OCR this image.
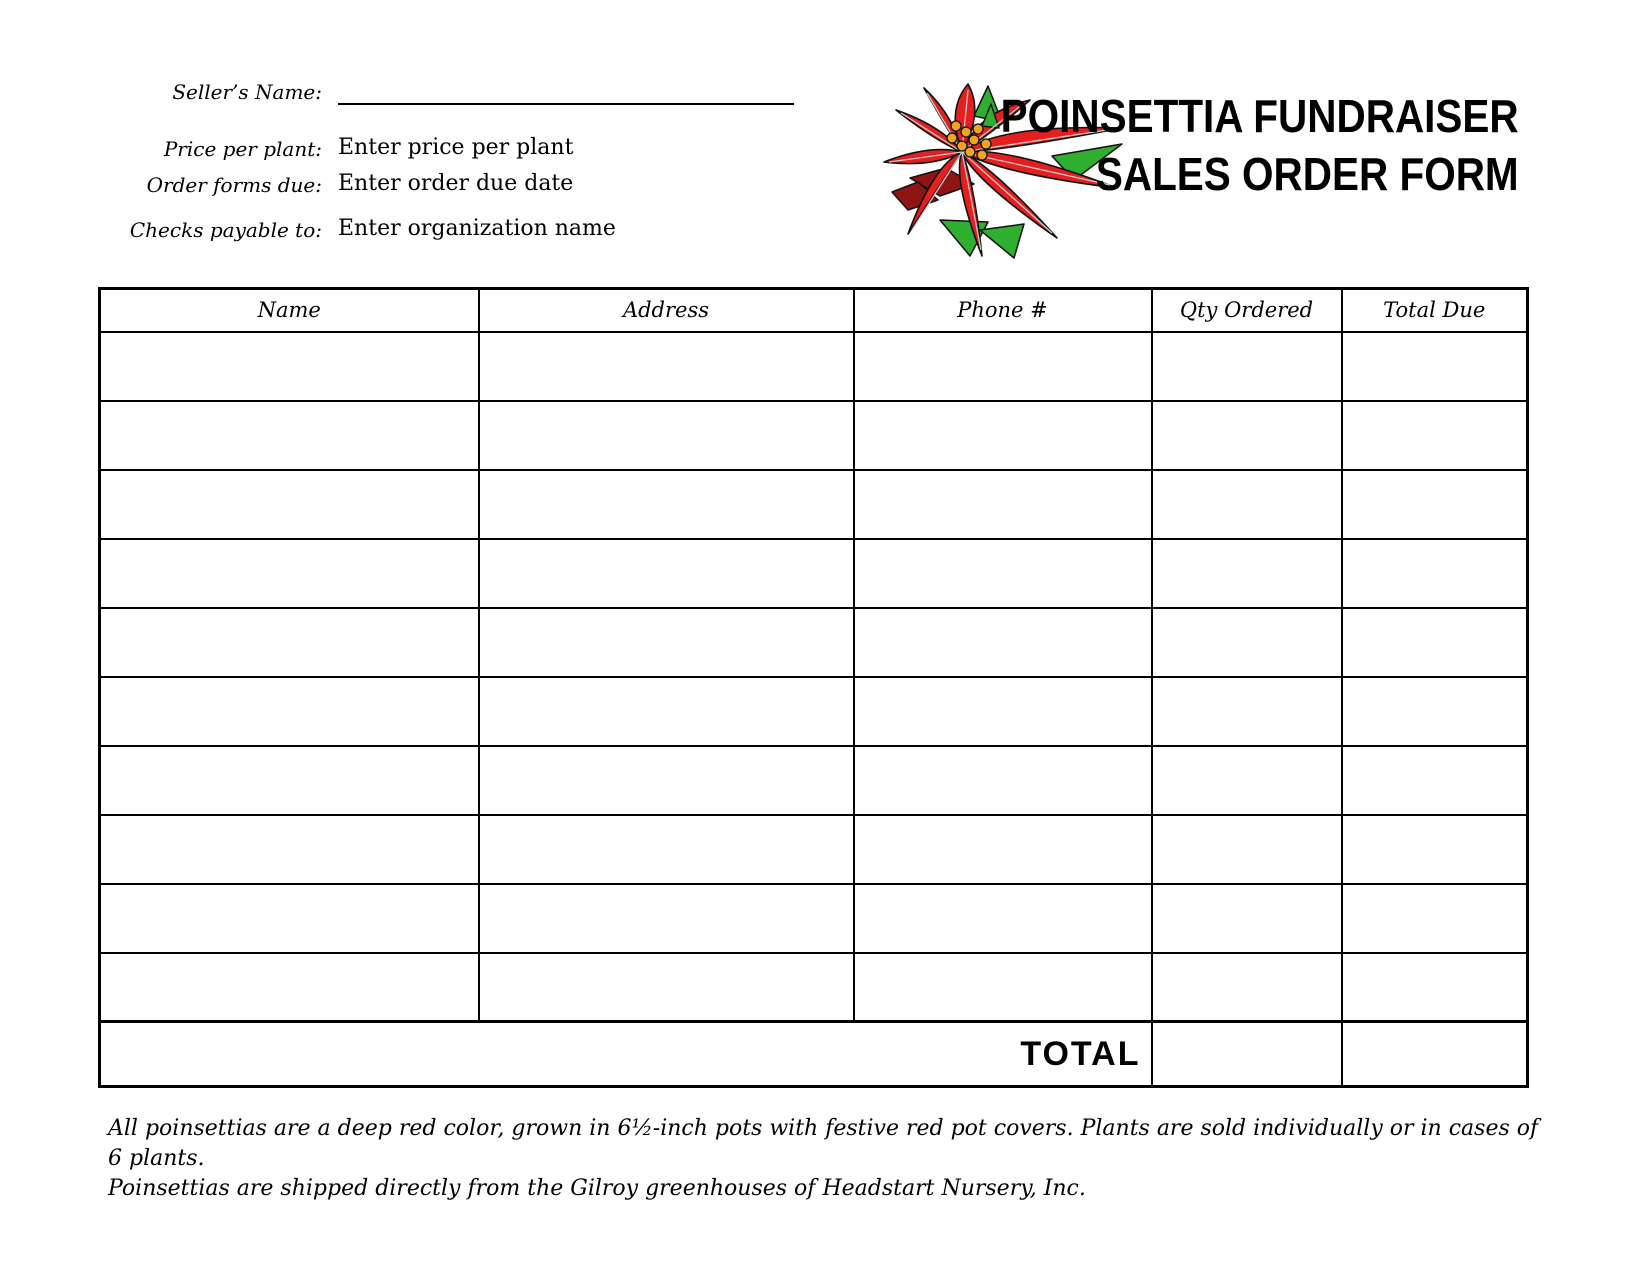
Seller’s Name:
Price per plant: Enter price per plant
Order forms due: Enter order due date
Checks payable to: Enter organization name
POINSETTIA FUNDRAISER
SALES ORDER FORM
Name	Address	Phone #	Qty Ordered	Total Due

TOTAL				
All poinsettias are a deep red color, grown in 6½-inch pots with festive red pot covers. Plants are sold individually or in cases of 6 plants.
Poinsettias are shipped directly from the Gilroy greenhouses of Headstart Nursery, Inc.
